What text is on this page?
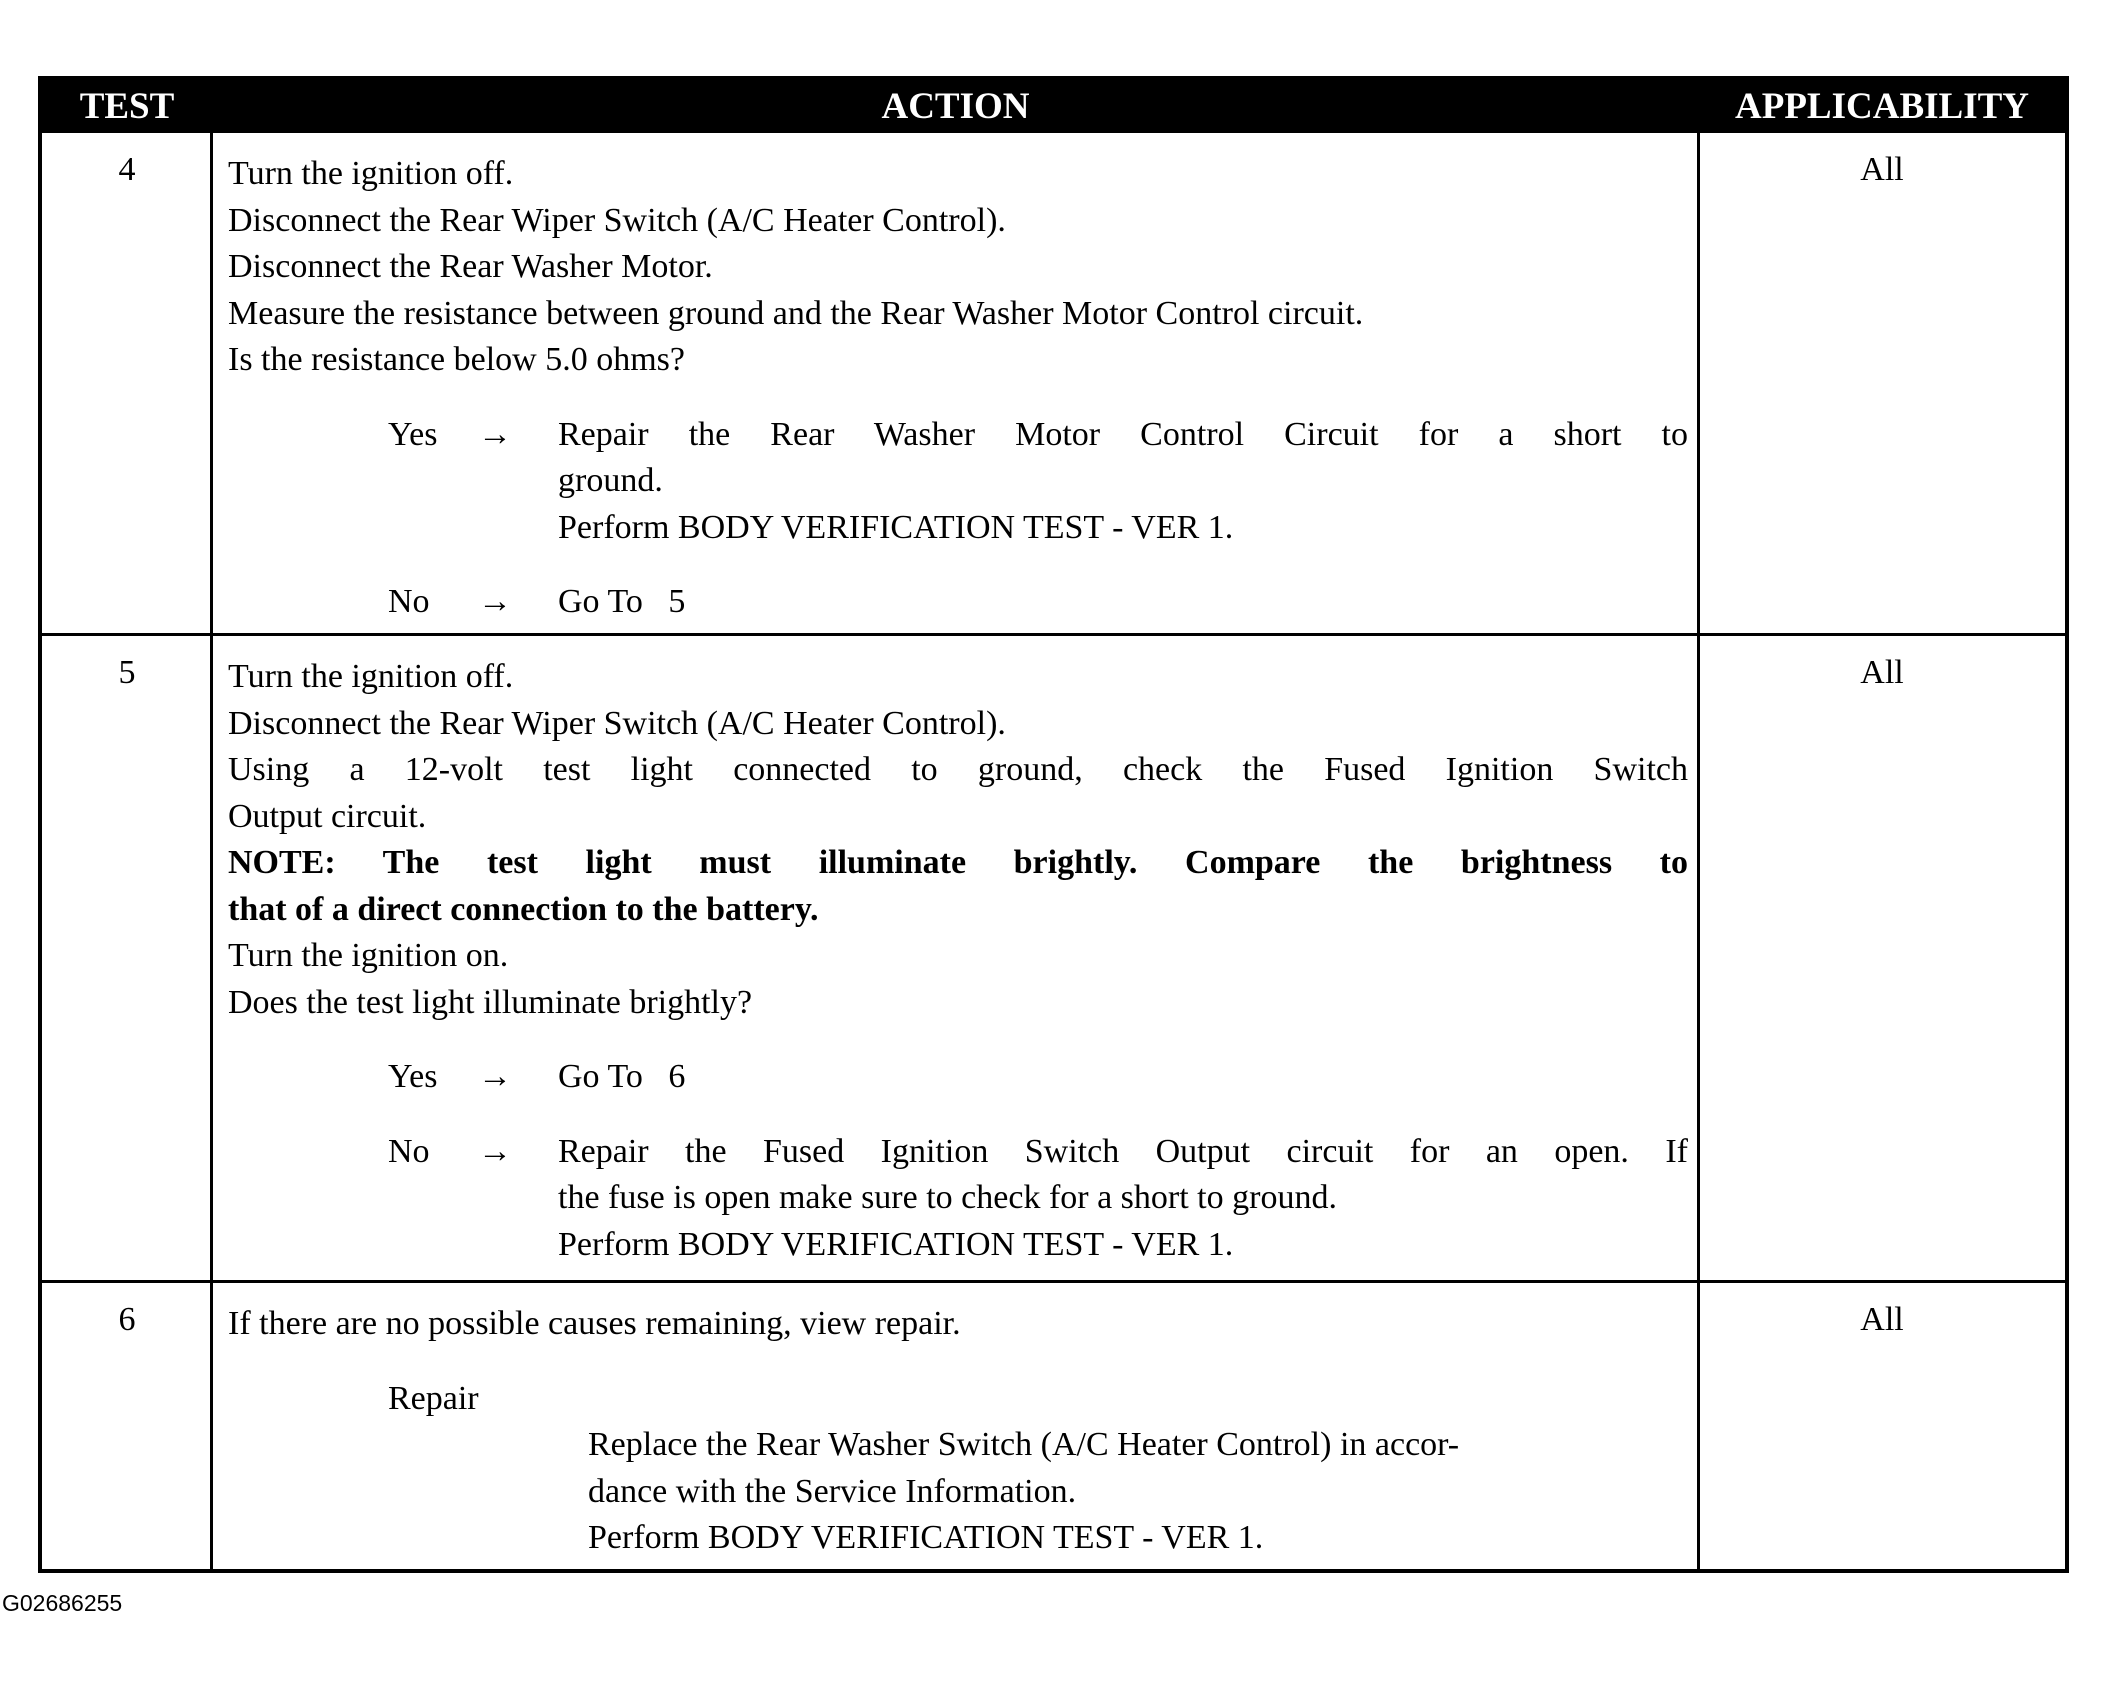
TEST	ACTION	APPLICABILITY
4	Turn the ignition off.
Disconnect the Rear Wiper Switch (A/C Heater Control).
Disconnect the Rear Washer Motor.
Measure the resistance between ground and the Rear Washer Motor Control circuit.
Is the resistance below 5.0 ohms?
Yes	→	Repair the Rear Washer Motor Control Circuit for a short to
ground.
Perform BODY VERIFICATION TEST - VER 1.
No	→	Go To   5
All
5	Turn the ignition off.
Disconnect the Rear Wiper Switch (A/C Heater Control).
Using a 12-volt test light connected to ground, check the Fused Ignition Switch
Output circuit.
NOTE: The test light must illuminate brightly. Compare the brightness to
that of a direct connection to the battery.
Turn the ignition on.
Does the test light illuminate brightly?
Yes	→	Go To   6
No	→	Repair the Fused Ignition Switch Output circuit for an open. If
the fuse is open make sure to check for a short to ground.
Perform BODY VERIFICATION TEST - VER 1.
All
6	If there are no possible causes remaining, view repair.
Repair
Replace the Rear Washer Switch (A/C Heater Control) in accor-
dance with the Service Information.
Perform BODY VERIFICATION TEST - VER 1.
All
G02686255
